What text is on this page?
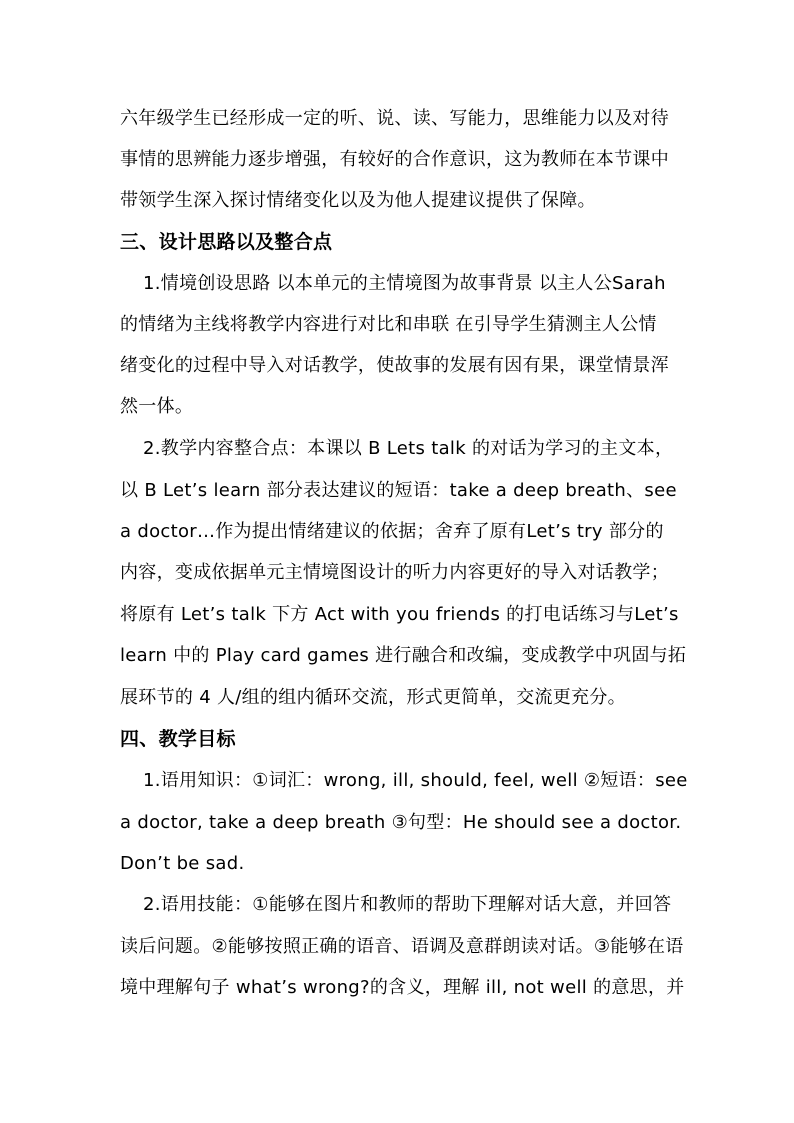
六年级学生已经形成一定的听、说、读、写能力，思维能力以及对待
事情的思辨能力逐步增强，有较好的合作意识，这为教师在本节课中
带领学生深入探讨情绪变化以及为他人提建议提供了保障。
三、设计思路以及整合点
1.情境创设思路 以本单元的主情境图为故事背景 以主人公Sarah
的情绪为主线将教学内容进行对比和串联 在引导学生猜测主人公情
绪变化的过程中导入对话教学，使故事的发展有因有果，课堂情景浑
然一体。
2.教学内容整合点：本课以 B Lets talk 的对话为学习的主文本，
以 B Let’s learn 部分表达建议的短语：take a deep breath、see
a doctor…作为提出情绪建议的依据；舍弃了原有Let’s try 部分的
内容，变成依据单元主情境图设计的听力内容更好的导入对话教学；
将原有 Let’s talk 下方 Act with you friends 的打电话练习与Let’s
learn 中的 Play card games 进行融合和改编，变成教学中巩固与拓
展环节的 4 人/组的组内循环交流，形式更简单，交流更充分。
四、教学目标
1.语用知识：①词汇：wrong, ill, should, feel, well ②短语：see
a doctor, take a deep breath ③句型：He should see a doctor.
Don’t be sad.
2.语用技能：①能够在图片和教师的帮助下理解对话大意，并回答
读后问题。②能够按照正确的语音、语调及意群朗读对话。③能够在语
境中理解句子 what’s wrong?的含义，理解 ill, not well 的意思，并
